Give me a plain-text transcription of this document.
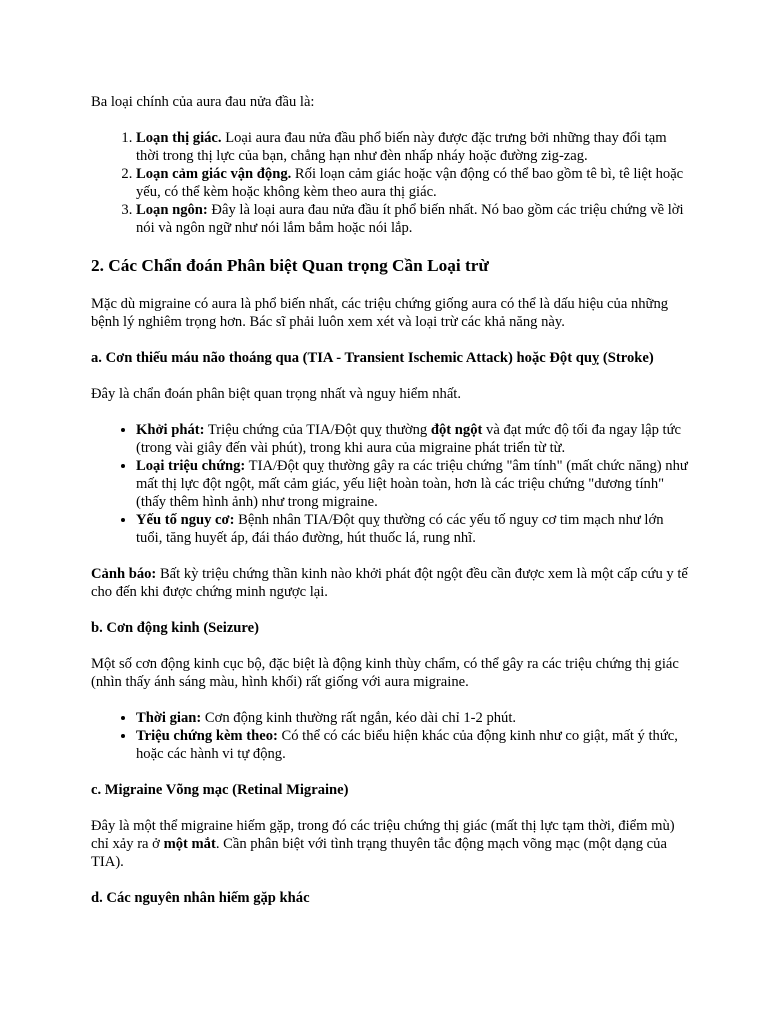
Ba loại chính của aura đau nửa đầu là:

1. Loạn thị giác. Loại aura đau nửa đầu phổ biến này được đặc trưng bởi những thay đổi tạm thời trong thị lực của bạn, chẳng hạn như đèn nhấp nháy hoặc đường zig-zag.
2. Loạn cảm giác vận động. Rối loạn cảm giác hoặc vận động có thể bao gồm tê bì, tê liệt hoặc yếu, có thể kèm hoặc không kèm theo aura thị giác.
3. Loạn ngôn: Đây là loại aura đau nửa đầu ít phổ biến nhất. Nó bao gồm các triệu chứng về lời nói và ngôn ngữ như nói lắm bắm hoặc nói lắp.

2. Các Chẩn đoán Phân biệt Quan trọng Cần Loại trừ

Mặc dù migraine có aura là phổ biến nhất, các triệu chứng giống aura có thể là dấu hiệu của những bệnh lý nghiêm trọng hơn. Bác sĩ phải luôn xem xét và loại trừ các khả năng này.

a. Cơn thiếu máu não thoáng qua (TIA - Transient Ischemic Attack) hoặc Đột quỵ (Stroke)

Đây là chẩn đoán phân biệt quan trọng nhất và nguy hiểm nhất.

• Khởi phát: Triệu chứng của TIA/Đột quỵ thường đột ngột và đạt mức độ tối đa ngay lập tức (trong vài giây đến vài phút), trong khi aura của migraine phát triển từ từ.
• Loại triệu chứng: TIA/Đột quỵ thường gây ra các triệu chứng "âm tính" (mất chức năng) như mất thị lực đột ngột, mất cảm giác, yếu liệt hoàn toàn, hơn là các triệu chứng "dương tính" (thấy thêm hình ảnh) như trong migraine.
• Yếu tố nguy cơ: Bệnh nhân TIA/Đột quỵ thường có các yếu tố nguy cơ tim mạch như lớn tuổi, tăng huyết áp, đái tháo đường, hút thuốc lá, rung nhĩ.

Cảnh báo: Bất kỳ triệu chứng thần kinh nào khởi phát đột ngột đều cần được xem là một cấp cứu y tế cho đến khi được chứng minh ngược lại.

b. Cơn động kinh (Seizure)

Một số cơn động kinh cục bộ, đặc biệt là động kinh thùy chẩm, có thể gây ra các triệu chứng thị giác (nhìn thấy ánh sáng màu, hình khối) rất giống với aura migraine.

• Thời gian: Cơn động kinh thường rất ngắn, kéo dài chỉ 1-2 phút.
• Triệu chứng kèm theo: Có thể có các biểu hiện khác của động kinh như co giật, mất ý thức, hoặc các hành vi tự động.

c. Migraine Võng mạc (Retinal Migraine)

Đây là một thể migraine hiếm gặp, trong đó các triệu chứng thị giác (mất thị lực tạm thời, điểm mù) chỉ xảy ra ở một mắt. Cần phân biệt với tình trạng thuyên tắc động mạch võng mạc (một dạng của TIA).

d. Các nguyên nhân hiếm gặp khác
